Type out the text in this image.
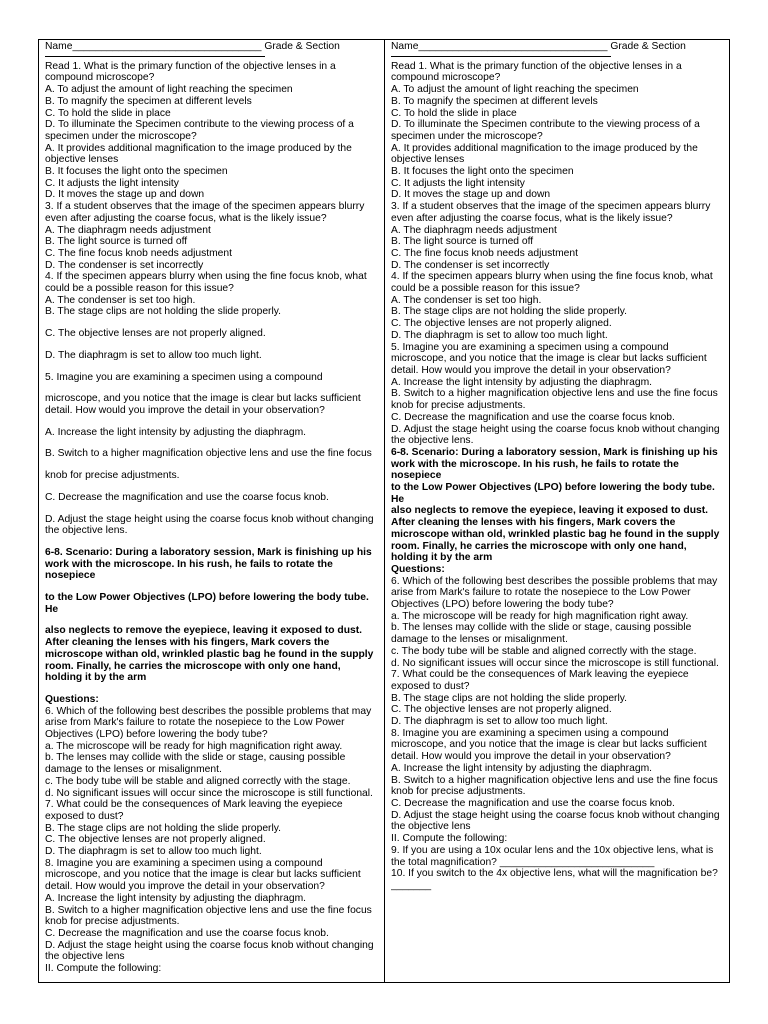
Name_________________________________ Grade & Section

Read 1. What is the primary function of the objective lenses in a compound microscope?

A. To adjust the amount of light reaching the specimen

B. To magnify the specimen at different levels

C. To hold the slide in place

D. To illuminate the Specimen contribute to the viewing process of a specimen under the microscope?

A. It provides additional magnification to the image produced by the objective lenses

B. It focuses the light onto the specimen

C. It adjusts the light intensity

D. It moves the stage up and down

3. If a student observes that the image of the specimen appears blurry even after adjusting the coarse focus, what is the likely issue?

A. The diaphragm needs adjustment

B. The light source is turned off

C. The fine focus knob needs adjustment

D. The condenser is set incorrectly

4. If the specimen appears blurry when using the fine focus knob, what could be a possible reason for this issue?

A. The condenser is set too high.

B. The stage clips are not holding the slide properly.

C. The objective lenses are not properly aligned.

D. The diaphragm is set to allow too much light.

5. Imagine you are examining a specimen using a compound

microscope, and you notice that the image is clear but lacks sufficient detail. How would you improve the detail in your observation?

A. Increase the light intensity by adjusting the diaphragm.

B. Switch to a higher magnification objective lens and use the fine focus

knob for precise adjustments.

C. Decrease the magnification and use the coarse focus knob.

D. Adjust the stage height using the coarse focus knob without changing the objective lens.

6-8. Scenario: During a laboratory session, Mark is finishing up his work with the microscope. In his rush, he fails to rotate the nosepiece

to the Low Power Objectives (LPO) before lowering the body tube. He

also neglects to remove the eyepiece, leaving it exposed to dust. After cleaning the lenses with his fingers, Mark covers the microscope withan old, wrinkled plastic bag he found in the supply room. Finally, he carries the microscope with only one hand, holding it by the arm

Questions:

6. Which of the following best describes the possible problems that may arise from Mark's failure to rotate the nosepiece to the Low Power Objectives (LPO) before lowering the body tube?

a. The microscope will be ready for high magnification right away.

b. The lenses may collide with the slide or stage, causing possible damage to the lenses or misalignment.

c. The body tube will be stable and aligned correctly with the stage.

d. No significant issues will occur since the microscope is still functional.

7. What could be the consequences of Mark leaving the eyepiece exposed to dust?

B. The stage clips are not holding the slide properly.

C. The objective lenses are not properly aligned.

D. The diaphragm is set to allow too much light.

8. Imagine you are examining a specimen using a compound microscope, and you notice that the image is clear but lacks sufficient detail. How would you improve the detail in your observation?

A. Increase the light intensity by adjusting the diaphragm.

B. Switch to a higher magnification objective lens and use the fine focus knob for precise adjustments.

C. Decrease the magnification and use the coarse focus knob.

D. Adjust the stage height using the coarse focus knob without changing the objective lens

II. Compute the following:

Name_________________________________ Grade & Section

Read 1. What is the primary function of the objective lenses in a compound microscope?

A. To adjust the amount of light reaching the specimen

B. To magnify the specimen at different levels

C. To hold the slide in place

D. To illuminate the Specimen contribute to the viewing process of a specimen under the microscope?

A. It provides additional magnification to the image produced by the objective lenses

B. It focuses the light onto the specimen

C. It adjusts the light intensity

D. It moves the stage up and down

3. If a student observes that the image of the specimen appears blurry even after adjusting the coarse focus, what is the likely issue?

A. The diaphragm needs adjustment

B. The light source is turned off

C. The fine focus knob needs adjustment

D. The condenser is set incorrectly

4. If the specimen appears blurry when using the fine focus knob, what could be a possible reason for this issue?

A. The condenser is set too high.

B. The stage clips are not holding the slide properly.

C. The objective lenses are not properly aligned.

D. The diaphragm is set to allow too much light.

5. Imagine you are examining a specimen using a compound microscope, and you notice that the image is clear but lacks sufficient detail. How would you improve the detail in your observation?

A. Increase the light intensity by adjusting the diaphragm.

B. Switch to a higher magnification objective lens and use the fine focus knob for precise adjustments.

C. Decrease the magnification and use the coarse focus knob.

D. Adjust the stage height using the coarse focus knob without changing the objective lens.

6-8. Scenario: During a laboratory session, Mark is finishing up his work with the microscope. In his rush, he fails to rotate the nosepiece

to the Low Power Objectives (LPO) before lowering the body tube. He

also neglects to remove the eyepiece, leaving it exposed to dust. After cleaning the lenses with his fingers, Mark covers the microscope withan old, wrinkled plastic bag he found in the supply room. Finally, he carries the microscope with only one hand, holding it by the arm

Questions:

6. Which of the following best describes the possible problems that may arise from Mark's failure to rotate the nosepiece to the Low Power Objectives (LPO) before lowering the body tube?

a. The microscope will be ready for high magnification right away.

b. The lenses may collide with the slide or stage, causing possible damage to the lenses or misalignment.

c. The body tube will be stable and aligned correctly with the stage.

d. No significant issues will occur since the microscope is still functional.

7. What could be the consequences of Mark leaving the eyepiece exposed to dust?

B. The stage clips are not holding the slide properly.

C. The objective lenses are not properly aligned.

D. The diaphragm is set to allow too much light.

8. Imagine you are examining a specimen using a compound microscope, and you notice that the image is clear but lacks sufficient detail. How would you improve the detail in your observation?

A. Increase the light intensity by adjusting the diaphragm.

B. Switch to a higher magnification objective lens and use the fine focus knob for precise adjustments.

C. Decrease the magnification and use the coarse focus knob.

D. Adjust the stage height using the coarse focus knob without changing the objective lens

II. Compute the following:

9. If you are using a 10x ocular lens and the 10x objective lens, what is the total magnification? ___________________________

10. If you switch to the 4x objective lens, what will the magnification be? _______
